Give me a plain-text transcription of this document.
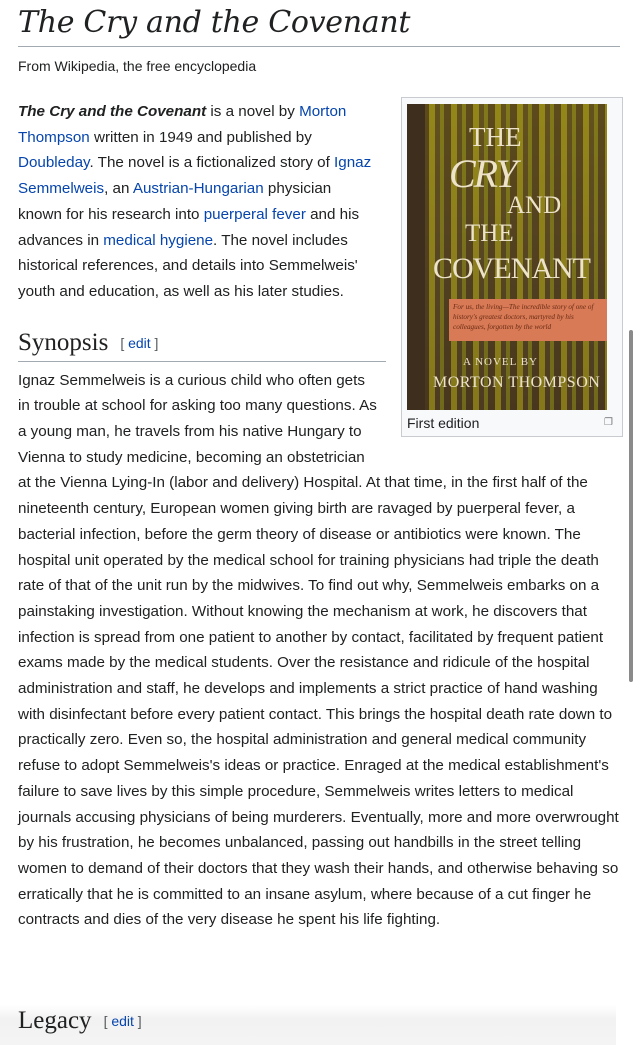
The Cry and the Covenant
From Wikipedia, the free encyclopedia
THE
CRY
AND
THE
COVENANT
For us, the living—The incredible story of one of history's greatest doctors, martyred by his colleagues, forgotten by the world
A NOVEL BY
MORTON THOMPSON
First edition	❐

The Cry and the Covenant is a novel by Morton Thompson written in 1949 and published by Doubleday. The novel is a fictionalized story of Ignaz Semmelweis, an Austrian-Hungarian physician known for his research into puerperal fever and his advances in medical hygiene. The novel includes historical references, and details into Semmelweis' youth and education, as well as his later studies.

Synopsis [ edit ]

Ignaz Semmelweis is a curious child who often gets in trouble at school for asking too many questions. As a young man, he travels from his native Hungary to Vienna to study medicine, becoming an obstetrician at the Vienna Lying-In (labor and delivery) Hospital. At that time, in the first half of the nineteenth century, European women giving birth are ravaged by puerperal fever, a bacterial infection, before the germ theory of disease or antibiotics were known. The hospital unit operated by the medical school for training physicians had triple the death rate of that of the unit run by the midwives. To find out why, Semmelweis embarks on a painstaking investigation. Without knowing the mechanism at work, he discovers that infection is spread from one patient to another by contact, facilitated by frequent patient exams made by the medical students. Over the resistance and ridicule of the hospital administration and staff, he develops and implements a strict practice of hand washing with disinfectant before every patient contact. This brings the hospital death rate down to practically zero. Even so, the hospital administration and general medical community refuse to adopt Semmelweis's ideas or practice. Enraged at the medical establishment's failure to save lives by this simple procedure, Semmelweis writes letters to medical journals accusing physicians of being murderers. Eventually, more and more overwrought by his frustration, he becomes unbalanced, passing out handbills in the street telling women to demand of their doctors that they wash their hands, and otherwise behaving so erratically that he is committed to an insane asylum, where because of a cut finger he contracts and dies of the very disease he spent his life fighting.

Legacy [ edit ]
